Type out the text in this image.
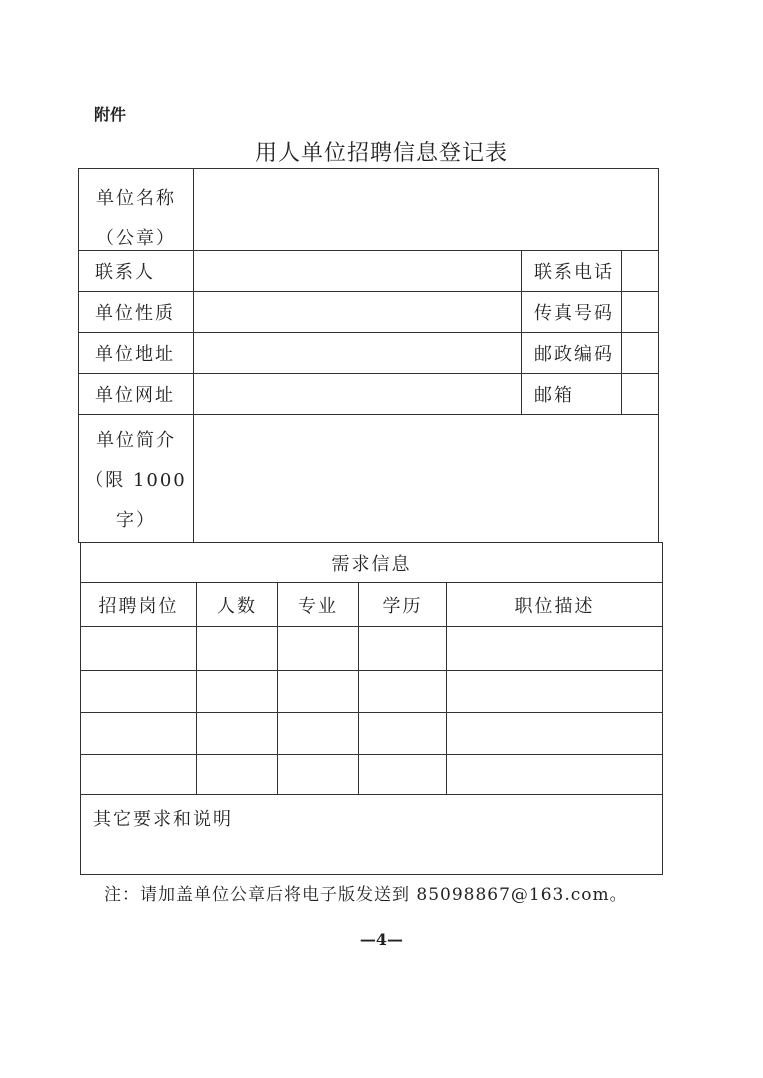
附件
用人单位招聘信息登记表
单位名称
（公章）
联系人	联系电话
单位性质	传真号码
单位地址	邮政编码
单位网址	邮箱
单位简介
（限 1000
字）
需求信息
招聘岗位	人数	专业	学历	职位描述
其它要求和说明
注：请加盖单位公章后将电子版发送到 85098867@163.com。
—4—
